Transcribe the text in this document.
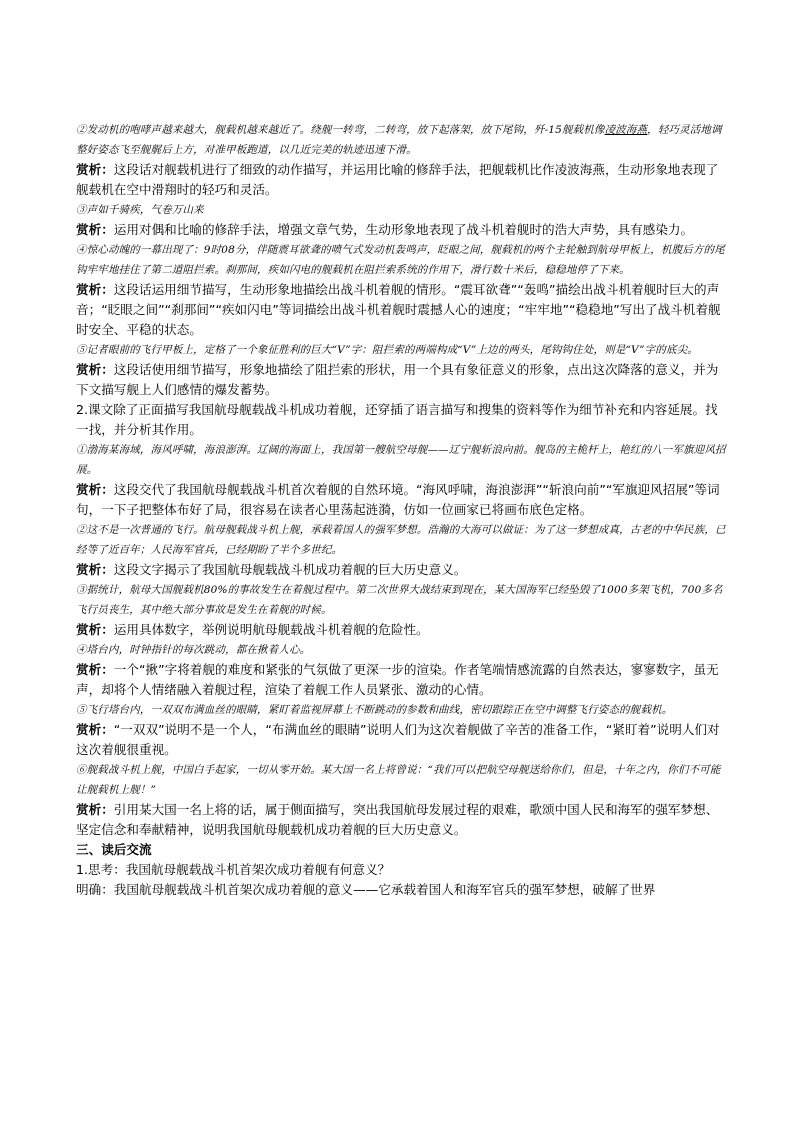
②发动机的咆哮声越来越大，舰载机越来越近了。绕舰一转弯，二转弯，放下起落架，放下尾钩，歼-15舰载机像凌波海燕，轻巧灵活地调整好姿态飞至舰艉后上方，对准甲板跑道，以几近完美的轨迹迅速下滑。

赏析：这段话对舰载机进行了细致的动作描写，并运用比喻的修辞手法，把舰载机比作凌波海燕，生动形象地表现了舰载机在空中滑翔时的轻巧和灵活。

③声如千骑疾，气卷万山来

赏析：运用对偶和比喻的修辞手法，增强文章气势，生动形象地表现了战斗机着舰时的浩大声势，具有感染力。

④惊心动魄的一幕出现了：9时08分，伴随震耳欲聋的喷气式发动机轰鸣声，眨眼之间，舰载机的两个主轮触到航母甲板上，机腹后方的尾钩牢牢地挂住了第二道阻拦索。刹那间，疾如闪电的舰载机在阻拦索系统的作用下，滑行数十米后，稳稳地停了下来。

赏析：这段话运用细节描写，生动形象地描绘出战斗机着舰的情形。“震耳欲聋”“轰鸣”描绘出战斗机着舰时巨大的声音；“眨眼之间”“刹那间”“疾如闪电”等词描绘出战斗机着舰时震撼人心的速度；“牢牢地”“稳稳地”写出了战斗机着舰时安全、平稳的状态。

⑤记者眼前的飞行甲板上，定格了一个象征胜利的巨大“V”字：阻拦索的两端构成“V”上边的两头，尾钩钩住处，则是“V”字的底尖。

赏析：这段话使用细节描写，形象地描绘了阻拦索的形状，用一个具有象征意义的形象，点出这次降落的意义，并为下文描写舰上人们感情的爆发蓄势。

2.课文除了正面描写我国航母舰载战斗机成功着舰，还穿插了语言描写和搜集的资料等作为细节补充和内容延展。找一找，并分析其作用。

①渤海某海域，海风呼啸，海浪澎湃。辽阔的海面上，我国第一艘航空母舰——辽宁舰斩浪向前。舰岛的主桅杆上，艳红的八一军旗迎风招展。

赏析：这段交代了我国航母舰载战斗机首次着舰的自然环境。“海风呼啸，海浪澎湃”“斩浪向前”“军旗迎风招展”等词句，一下子把整体布好了局，很容易在读者心里荡起涟漪，仿如一位画家已将画布底色定格。

②这不是一次普通的飞行。航母舰载战斗机上舰，承载着国人的强军梦想。浩瀚的大海可以做证：为了这一梦想成真，古老的中华民族，已经等了近百年；人民海军官兵，已经期盼了半个多世纪。

赏析：这段文字揭示了我国航母舰载战斗机成功着舰的巨大历史意义。

③据统计，航母大国舰载机80%的事故发生在着舰过程中。第二次世界大战结束到现在，某大国海军已经坠毁了1000多架飞机，700多名飞行员丧生，其中绝大部分事故是发生在着舰的时候。

赏析：运用具体数字，举例说明航母舰载战斗机着舰的危险性。

④塔台内，时钟指针的每次跳动，都在揪着人心。

赏析：一个“揪”字将着舰的难度和紧张的气氛做了更深一步的渲染。作者笔端情感流露的自然表达，寥寥数字，虽无声，却将个人情绪融入着舰过程，渲染了着舰工作人员紧张、激动的心情。

⑤飞行塔台内，一双双布满血丝的眼睛，紧盯着监视屏幕上不断跳动的参数和曲线，密切跟踪正在空中调整飞行姿态的舰载机。

赏析：“一双双”说明不是一个人，“布满血丝的眼睛”说明人们为这次着舰做了辛苦的准备工作，“紧盯着”说明人们对这次着舰很重视。

⑥舰载战斗机上舰，中国白手起家，一切从零开始。某大国一名上将曾说：“我们可以把航空母舰送给你们，但是，十年之内，你们不可能让舰载机上舰！”

赏析：引用某大国一名上将的话，属于侧面描写，突出我国航母发展过程的艰难，歌颂中国人民和海军的强军梦想、坚定信念和奉献精神，说明我国航母舰载机成功着舰的巨大历史意义。

三、读后交流

1.思考：我国航母舰载战斗机首架次成功着舰有何意义？

明确：我国航母舰载战斗机首架次成功着舰的意义——它承载着国人和海军官兵的强军梦想，破解了世界
